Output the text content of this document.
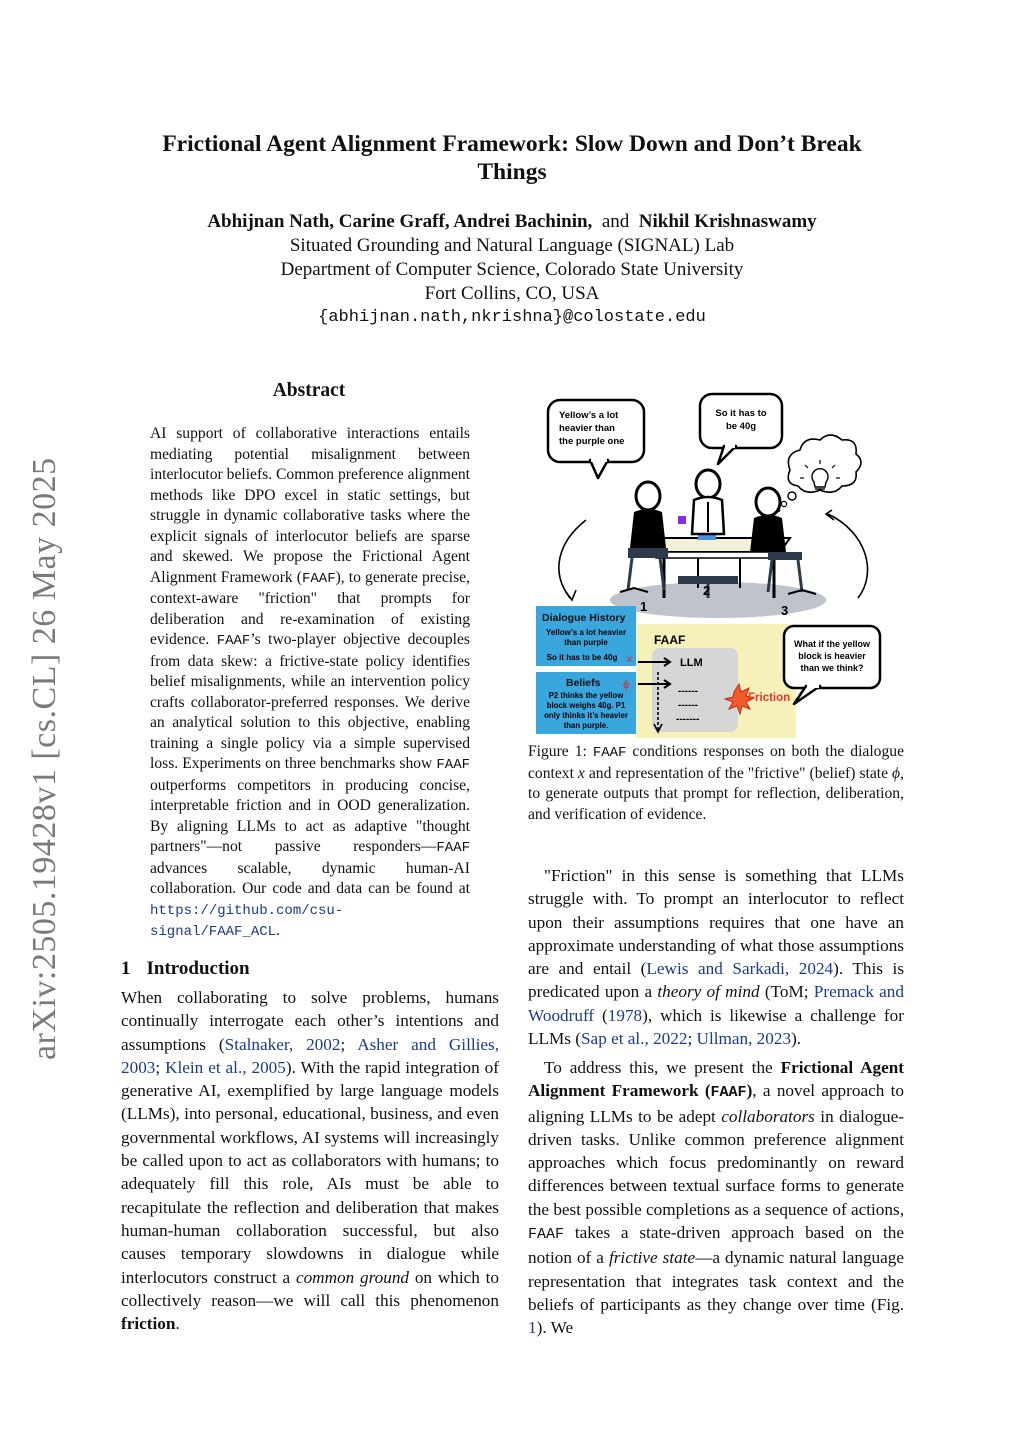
arXiv:2505.19428v1 [cs.CL] 26 May 2025

Frictional Agent Alignment Framework: Slow Down and Don’t Break
Things

Abhijnan Nath, Carine Graff, Andrei Bachinin, and Nikhil Krishnaswamy
Situated Grounding and Natural Language (SIGNAL) Lab
Department of Computer Science, Colorado State University
Fort Collins, CO, USA
{abhijnan.nath,nkrishna}@colostate.edu
Abstract

AI support of collaborative interactions entails mediating potential misalignment between interlocutor beliefs. Common preference alignment methods like DPO excel in static settings, but struggle in dynamic collaborative tasks where the explicit signals of interlocutor beliefs are sparse and skewed. We propose the Frictional Agent Alignment Framework (FAAF), to generate precise, context-aware "friction" that prompts for deliberation and re-examination of existing evidence. FAAF’s two-player objective decouples from data skew: a frictive-state policy identifies belief misalignments, while an intervention policy crafts collaborator-preferred responses. We derive an analytical solution to this objective, enabling training a single policy via a simple supervised loss. Experiments on three benchmarks show FAAF outperforms competitors in producing concise, interpretable friction and in OOD generalization. By aligning LLMs to act as adaptive "thought partners"—not passive responders—FAAF advances scalable, dynamic human-AI collaboration. Our code and data can be found at https://github.com/csu-signal/FAAF_ACL.

1 Introduction

When collaborating to solve problems, humans continually interrogate each other’s intentions and assumptions (Stalnaker, 2002; Asher and Gillies, 2003; Klein et al., 2005). With the rapid integration of generative AI, exemplified by large language models (LLMs), into personal, educational, business, and even governmental workflows, AI systems will increasingly be called upon to act as collaborators with humans; to adequately fill this role, AIs must be able to recapitulate the reflection and deliberation that makes human-human collaboration successful, but also causes temporary slowdowns in dialogue while interlocutors construct a common ground on which to collectively reason—we will call this phenomenon friction.

Yellow’s a lot
heavier than
the purple one
So it has to
be 40g
1
2
3
FAAF
LLM
------
------
-------
Dialogue History
Yellow’s a lot heavier
than purple
So it has to be 40g x
Beliefs ϕ
P2 thinks the yellow
block weighs 40g. P1
only thinks it’s heavier
than purple.
What if the yellow
block is heavier
than we think?
Friction

Figure 1: FAAF conditions responses on both the dialogue context x and representation of the "frictive" (belief) state ϕ, to generate outputs that prompt for reflection, deliberation, and verification of evidence.

"Friction" in this sense is something that LLMs struggle with. To prompt an interlocutor to reflect upon their assumptions requires that one have an approximate understanding of what those assumptions are and entail (Lewis and Sarkadi, 2024). This is predicated upon a theory of mind (ToM; Premack and Woodruff (1978), which is likewise a challenge for LLMs (Sap et al., 2022; Ullman, 2023).

To address this, we present the Frictional Agent Alignment Framework (FAAF), a novel approach to aligning LLMs to be adept collaborators in dialogue-driven tasks. Unlike common preference alignment approaches which focus predominantly on reward differences between textual surface forms to generate the best possible completions as a sequence of actions, FAAF takes a state-driven approach based on the notion of a frictive state—a dynamic natural language representation that integrates task context and the beliefs of participants as they change over time (Fig. 1). We
